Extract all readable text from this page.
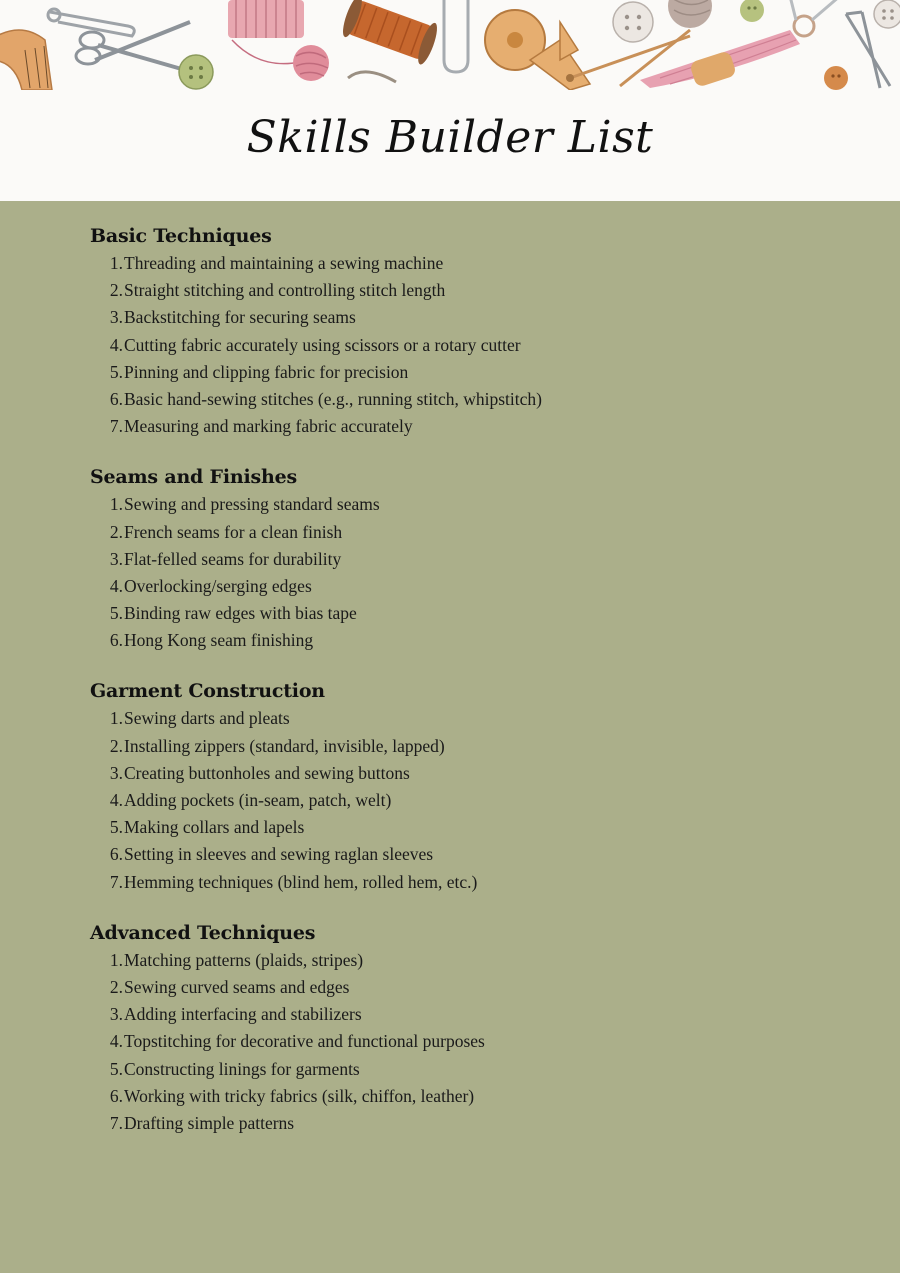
Skills Builder List
Basic Techniques
1. Threading and maintaining a sewing machine
2. Straight stitching and controlling stitch length
3. Backstitching for securing seams
4. Cutting fabric accurately using scissors or a rotary cutter
5. Pinning and clipping fabric for precision
6. Basic hand-sewing stitches (e.g., running stitch, whipstitch)
7. Measuring and marking fabric accurately
Seams and Finishes
1. Sewing and pressing standard seams
2. French seams for a clean finish
3. Flat-felled seams for durability
4. Overlocking/serging edges
5. Binding raw edges with bias tape
6. Hong Kong seam finishing
Garment Construction
1. Sewing darts and pleats
2. Installing zippers (standard, invisible, lapped)
3. Creating buttonholes and sewing buttons
4. Adding pockets (in-seam, patch, welt)
5. Making collars and lapels
6. Setting in sleeves and sewing raglan sleeves
7. Hemming techniques (blind hem, rolled hem, etc.)
Advanced Techniques
1. Matching patterns (plaids, stripes)
2. Sewing curved seams and edges
3. Adding interfacing and stabilizers
4. Topstitching for decorative and functional purposes
5. Constructing linings for garments
6. Working with tricky fabrics (silk, chiffon, leather)
7. Drafting simple patterns
